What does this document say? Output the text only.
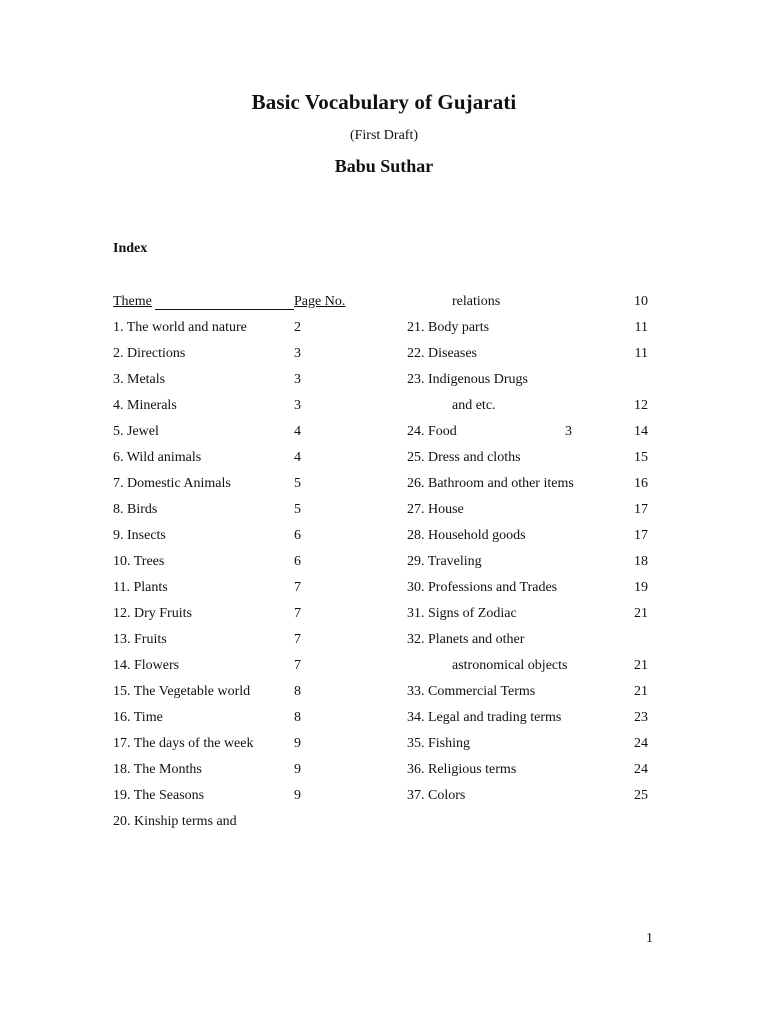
Basic Vocabulary of Gujarati
(First Draft)
Babu Suthar
Index
Theme	Page No.
1. The world and nature	2
2. Directions	3
3. Metals	3
4. Minerals	3
5. Jewel	4
6. Wild animals	4
7. Domestic Animals	5
8. Birds	5
9. Insects	6
10. Trees	6
11. Plants	7
12. Dry Fruits	7
13. Fruits	7
14. Flowers	7
15. The Vegetable world	8
16. Time	8
17. The days of the week	9
18. The Months	9
19. The Seasons	9
20. Kinship terms and
relations	10
21. Body parts	11
22. Diseases	11
23. Indigenous Drugs
and etc.	12
24. Food	3	14
25. Dress and cloths	15
26. Bathroom and other items	16
27. House	17
28. Household goods	17
29. Traveling	18
30. Professions and Trades	19
31. Signs of Zodiac	21
32. Planets and other
astronomical objects	21
33. Commercial Terms	21
34. Legal and trading terms	23
35. Fishing	24
36. Religious terms	24
37. Colors	25
1
